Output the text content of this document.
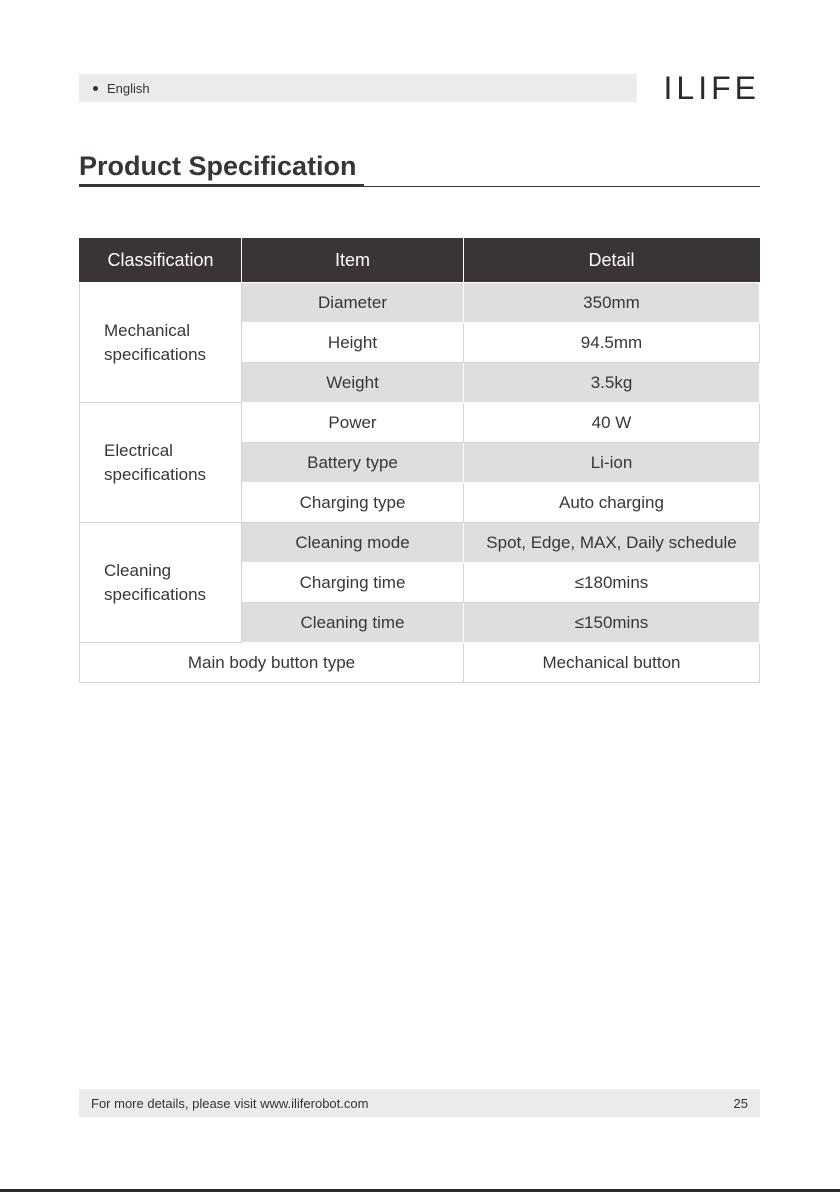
English	ILIFE
Product Specification
Classification	Item	Detail
Mechanical
specifications	Diameter	350mm
	Height	94.5mm
	Weight	3.5kg
Electrical
specifications	Power	40 W
	Battery type	Li-ion
	Charging type	Auto charging
Cleaning
specifications	Cleaning mode	Spot, Edge, MAX, Daily schedule
	Charging time	≤180mins
	Cleaning time	≤150mins
Main body button type		Mechanical button
For more details, please visit www.iliferobot.com	25
